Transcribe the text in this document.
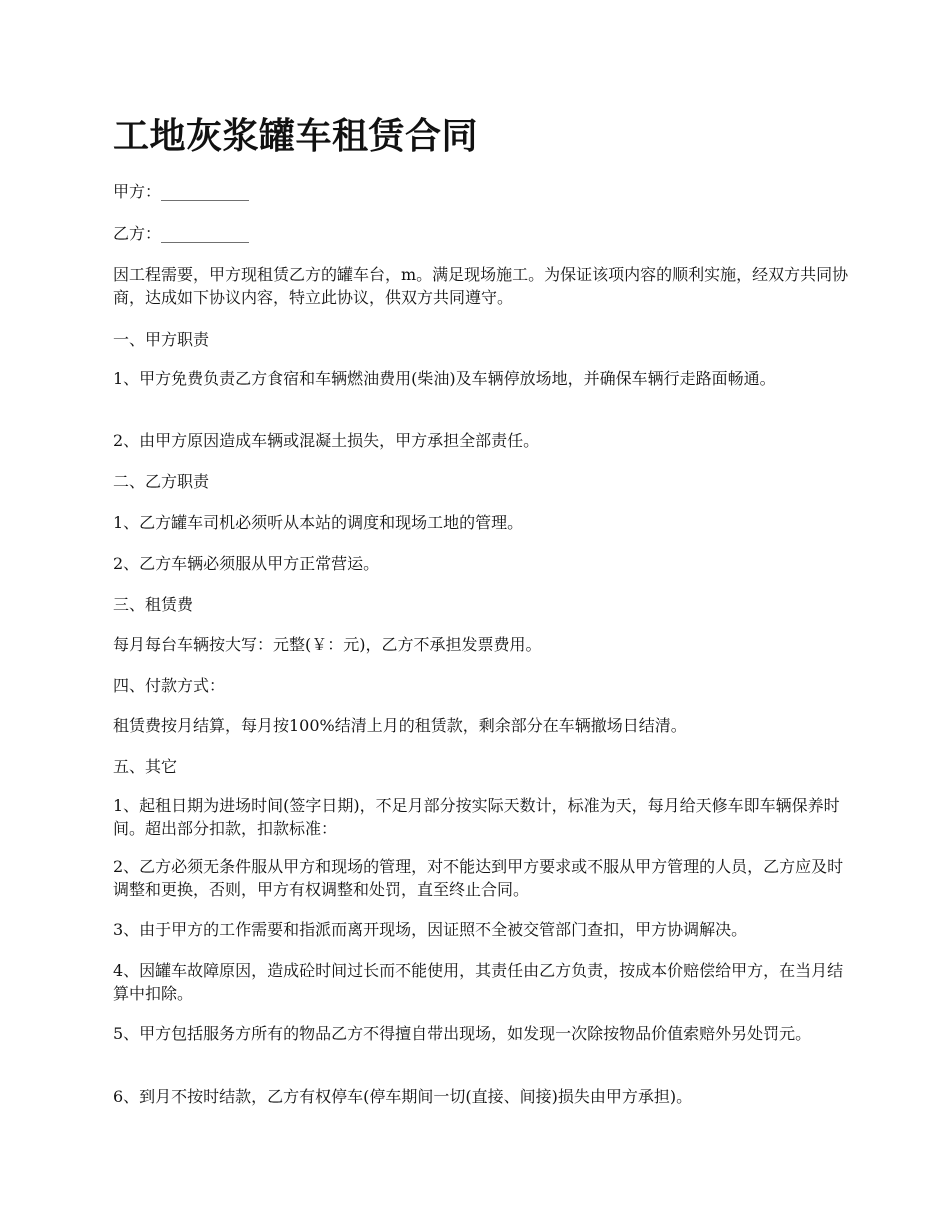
工地灰浆罐车租赁合同

甲方：___________

乙方：___________

因工程需要，甲方现租赁乙方的罐车台，m。满足现场施工。为保证该项内容的顺利实施，经双方共同协商，达成如下协议内容，特立此协议，供双方共同遵守。

一、甲方职责

1、甲方免费负责乙方食宿和车辆燃油费用(柴油)及车辆停放场地，并确保车辆行走路面畅通。

2、由甲方原因造成车辆或混凝土损失，甲方承担全部责任。

二、乙方职责

1、乙方罐车司机必须听从本站的调度和现场工地的管理。

2、乙方车辆必须服从甲方正常营运。

三、租赁费

每月每台车辆按大写：元整(￥：元)，乙方不承担发票费用。

四、付款方式：

租赁费按月结算，每月按100%结清上月的租赁款，剩余部分在车辆撤场日结清。

五、其它

1、起租日期为进场时间(签字日期)，不足月部分按实际天数计，标准为天，每月给天修车即车辆保养时间。超出部分扣款，扣款标准：

2、乙方必须无条件服从甲方和现场的管理，对不能达到甲方要求或不服从甲方管理的人员，乙方应及时调整和更换，否则，甲方有权调整和处罚，直至终止合同。

3、由于甲方的工作需要和指派而离开现场，因证照不全被交管部门查扣，甲方协调解决。

4、因罐车故障原因，造成砼时间过长而不能使用，其责任由乙方负责，按成本价赔偿给甲方，在当月结算中扣除。

5、甲方包括服务方所有的物品乙方不得擅自带出现场，如发现一次除按物品价值索赔外另处罚元。

6、到月不按时结款，乙方有权停车(停车期间一切(直接、间接)损失由甲方承担)。
